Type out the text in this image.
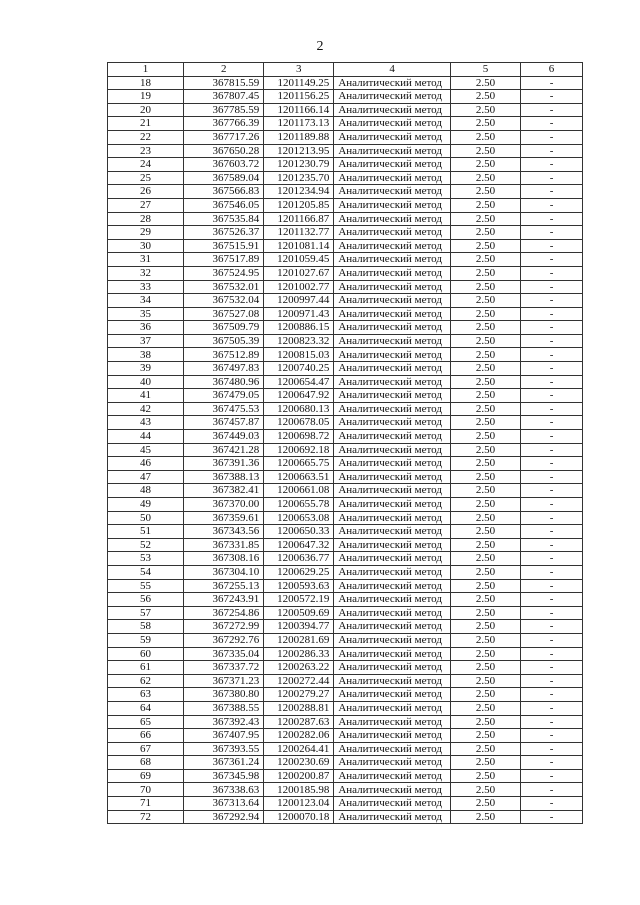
2
1	2	3	4	5	6
18	367815.59	1201149.25	Аналитический метод	2.50	-
19	367807.45	1201156.25	Аналитический метод	2.50	-
20	367785.59	1201166.14	Аналитический метод	2.50	-
21	367766.39	1201173.13	Аналитический метод	2.50	-
22	367717.26	1201189.88	Аналитический метод	2.50	-
23	367650.28	1201213.95	Аналитический метод	2.50	-
24	367603.72	1201230.79	Аналитический метод	2.50	-
25	367589.04	1201235.70	Аналитический метод	2.50	-
26	367566.83	1201234.94	Аналитический метод	2.50	-
27	367546.05	1201205.85	Аналитический метод	2.50	-
28	367535.84	1201166.87	Аналитический метод	2.50	-
29	367526.37	1201132.77	Аналитический метод	2.50	-
30	367515.91	1201081.14	Аналитический метод	2.50	-
31	367517.89	1201059.45	Аналитический метод	2.50	-
32	367524.95	1201027.67	Аналитический метод	2.50	-
33	367532.01	1201002.77	Аналитический метод	2.50	-
34	367532.04	1200997.44	Аналитический метод	2.50	-
35	367527.08	1200971.43	Аналитический метод	2.50	-
36	367509.79	1200886.15	Аналитический метод	2.50	-
37	367505.39	1200823.32	Аналитический метод	2.50	-
38	367512.89	1200815.03	Аналитический метод	2.50	-
39	367497.83	1200740.25	Аналитический метод	2.50	-
40	367480.96	1200654.47	Аналитический метод	2.50	-
41	367479.05	1200647.92	Аналитический метод	2.50	-
42	367475.53	1200680.13	Аналитический метод	2.50	-
43	367457.87	1200678.05	Аналитический метод	2.50	-
44	367449.03	1200698.72	Аналитический метод	2.50	-
45	367421.28	1200692.18	Аналитический метод	2.50	-
46	367391.36	1200665.75	Аналитический метод	2.50	-
47	367388.13	1200663.51	Аналитический метод	2.50	-
48	367382.41	1200661.08	Аналитический метод	2.50	-
49	367370.00	1200655.78	Аналитический метод	2.50	-
50	367359.61	1200653.08	Аналитический метод	2.50	-
51	367343.56	1200650.33	Аналитический метод	2.50	-
52	367331.85	1200647.32	Аналитический метод	2.50	-
53	367308.16	1200636.77	Аналитический метод	2.50	-
54	367304.10	1200629.25	Аналитический метод	2.50	-
55	367255.13	1200593.63	Аналитический метод	2.50	-
56	367243.91	1200572.19	Аналитический метод	2.50	-
57	367254.86	1200509.69	Аналитический метод	2.50	-
58	367272.99	1200394.77	Аналитический метод	2.50	-
59	367292.76	1200281.69	Аналитический метод	2.50	-
60	367335.04	1200286.33	Аналитический метод	2.50	-
61	367337.72	1200263.22	Аналитический метод	2.50	-
62	367371.23	1200272.44	Аналитический метод	2.50	-
63	367380.80	1200279.27	Аналитический метод	2.50	-
64	367388.55	1200288.81	Аналитический метод	2.50	-
65	367392.43	1200287.63	Аналитический метод	2.50	-
66	367407.95	1200282.06	Аналитический метод	2.50	-
67	367393.55	1200264.41	Аналитический метод	2.50	-
68	367361.24	1200230.69	Аналитический метод	2.50	-
69	367345.98	1200200.87	Аналитический метод	2.50	-
70	367338.63	1200185.98	Аналитический метод	2.50	-
71	367313.64	1200123.04	Аналитический метод	2.50	-
72	367292.94	1200070.18	Аналитический метод	2.50	-
